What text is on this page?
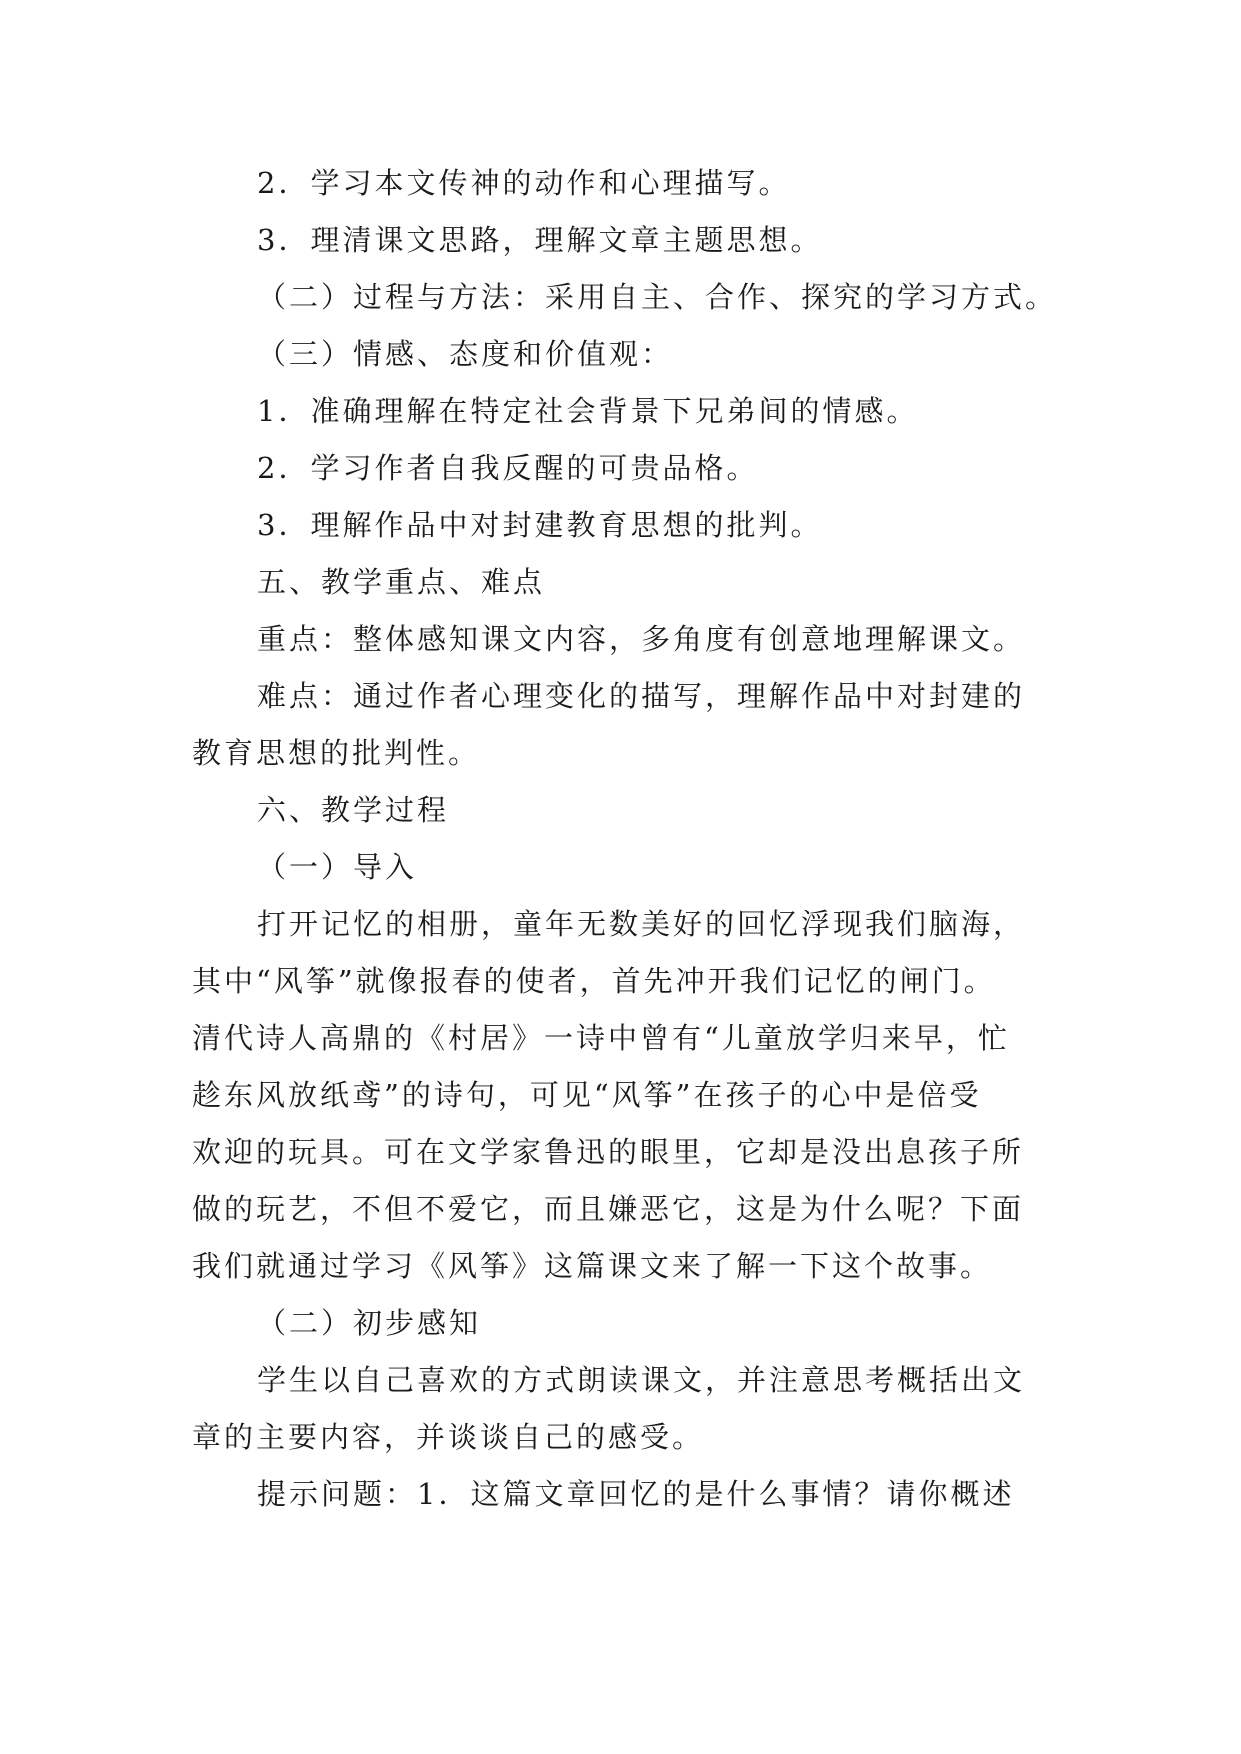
2．学习本文传神的动作和心理描写。

3．理清课文思路，理解文章主题思想。

（二）过程与方法：采用自主、合作、探究的学习方式。

（三）情感、态度和价值观：

1．准确理解在特定社会背景下兄弟间的情感。

2．学习作者自我反醒的可贵品格。

3．理解作品中对封建教育思想的批判。

五、教学重点、难点

重点：整体感知课文内容，多角度有创意地理解课文。

难点：通过作者心理变化的描写，理解作品中对封建的

教育思想的批判性。

六、教学过程

（一）导入

打开记忆的相册，童年无数美好的回忆浮现我们脑海，

其中“风筝”就像报春的使者，首先冲开我们记忆的闸门。

清代诗人高鼎的《村居》一诗中曾有“儿童放学归来早，忙

趁东风放纸鸢”的诗句，可见“风筝”在孩子的心中是倍受

欢迎的玩具。可在文学家鲁迅的眼里，它却是没出息孩子所

做的玩艺，不但不爱它，而且嫌恶它，这是为什么呢？下面

我们就通过学习《风筝》这篇课文来了解一下这个故事。

（二）初步感知

学生以自己喜欢的方式朗读课文，并注意思考概括出文

章的主要内容，并谈谈自己的感受。

提示问题：1．这篇文章回忆的是什么事情？请你概述
